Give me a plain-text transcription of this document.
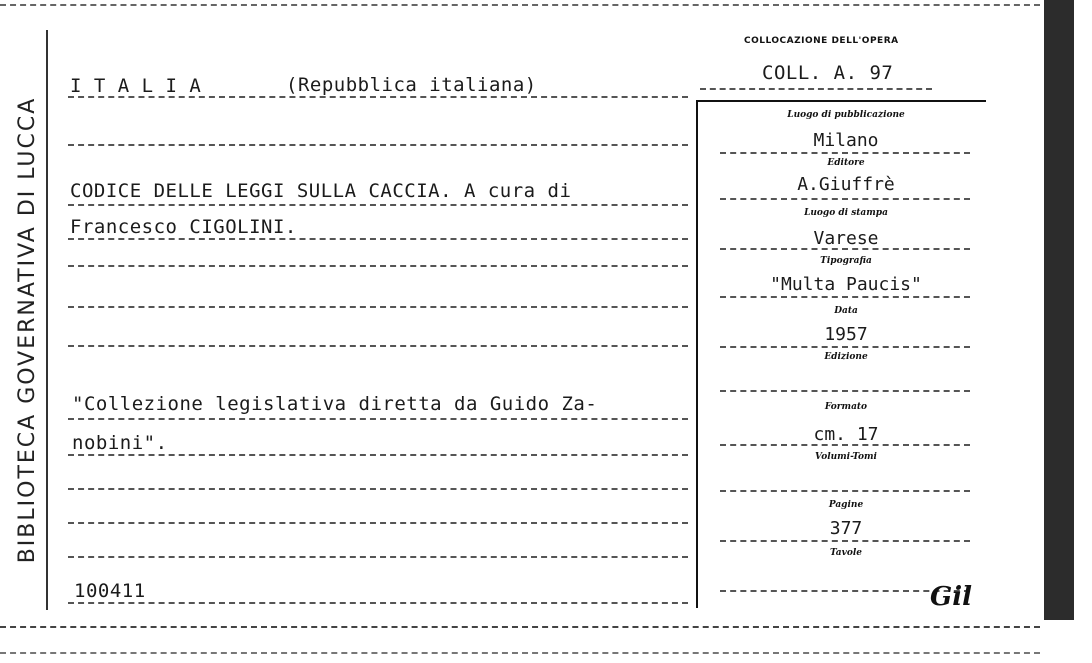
BIBLIOTECA GOVERNATIVA DI LUCCA
COLLOCAZIONE DELL'OPERA
COLL. A. 97
I T A L I A	(Repubblica italiana)
CODICE DELLE LEGGI SULLA CACCIA. A cura di
Francesco CIGOLINI.
"Collezione legislativa diretta da Guido Za-
nobini".
100411
Luogo di pubblicazione
Milano
Editore
A.Giuffrè
Luogo di stampa
Varese
Tipografia
"Multa Paucis"
Data
1957
Edizione
Formato
cm. 17
Volumi-Tomi
Pagine
377
Tavole
Gil
